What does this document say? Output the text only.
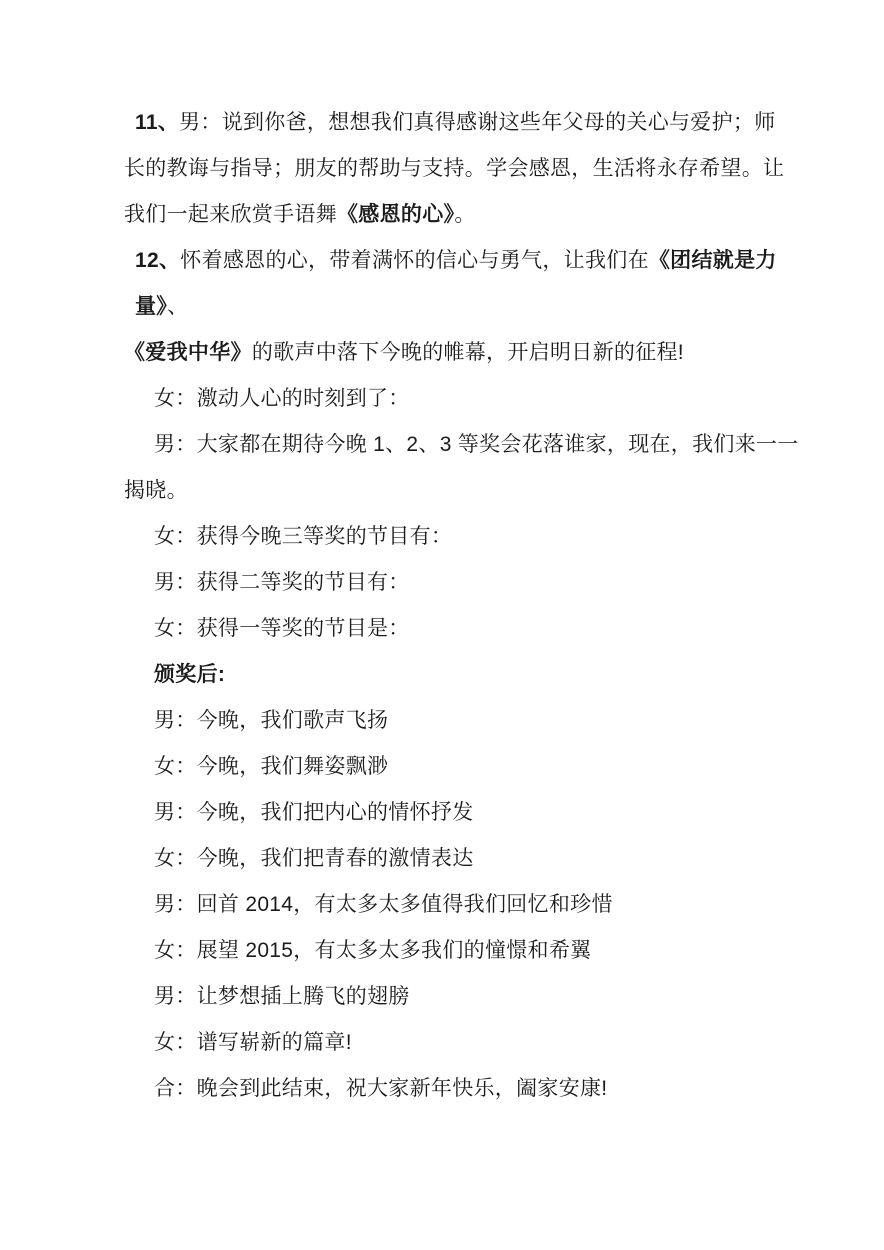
11、男：说到你爸，想想我们真得感谢这些年父母的关心与爱护；师
长的教诲与指导；朋友的帮助与支持。学会感恩，生活将永存希望。让
我们一起来欣赏手语舞《感恩的心》。
12、怀着感恩的心，带着满怀的信心与勇气，让我们在《团结就是力
量》、
《爱我中华》的歌声中落下今晚的帷幕，开启明日新的征程!
女：激动人心的时刻到了：
男：大家都在期待今晚 1、2、3 等奖会花落谁家，现在，我们来一一
揭晓。
女：获得今晚三等奖的节目有：
男：获得二等奖的节目有：
女：获得一等奖的节目是：
颁奖后:
男：今晚，我们歌声飞扬
女：今晚，我们舞姿飘渺
男：今晚，我们把内心的情怀抒发
女：今晚，我们把青春的激情表达
男：回首 2014，有太多太多值得我们回忆和珍惜
女：展望 2015，有太多太多我们的憧憬和希翼
男：让梦想插上腾飞的翅膀
女：谱写崭新的篇章!
合：晚会到此结束，祝大家新年快乐，阖家安康!
